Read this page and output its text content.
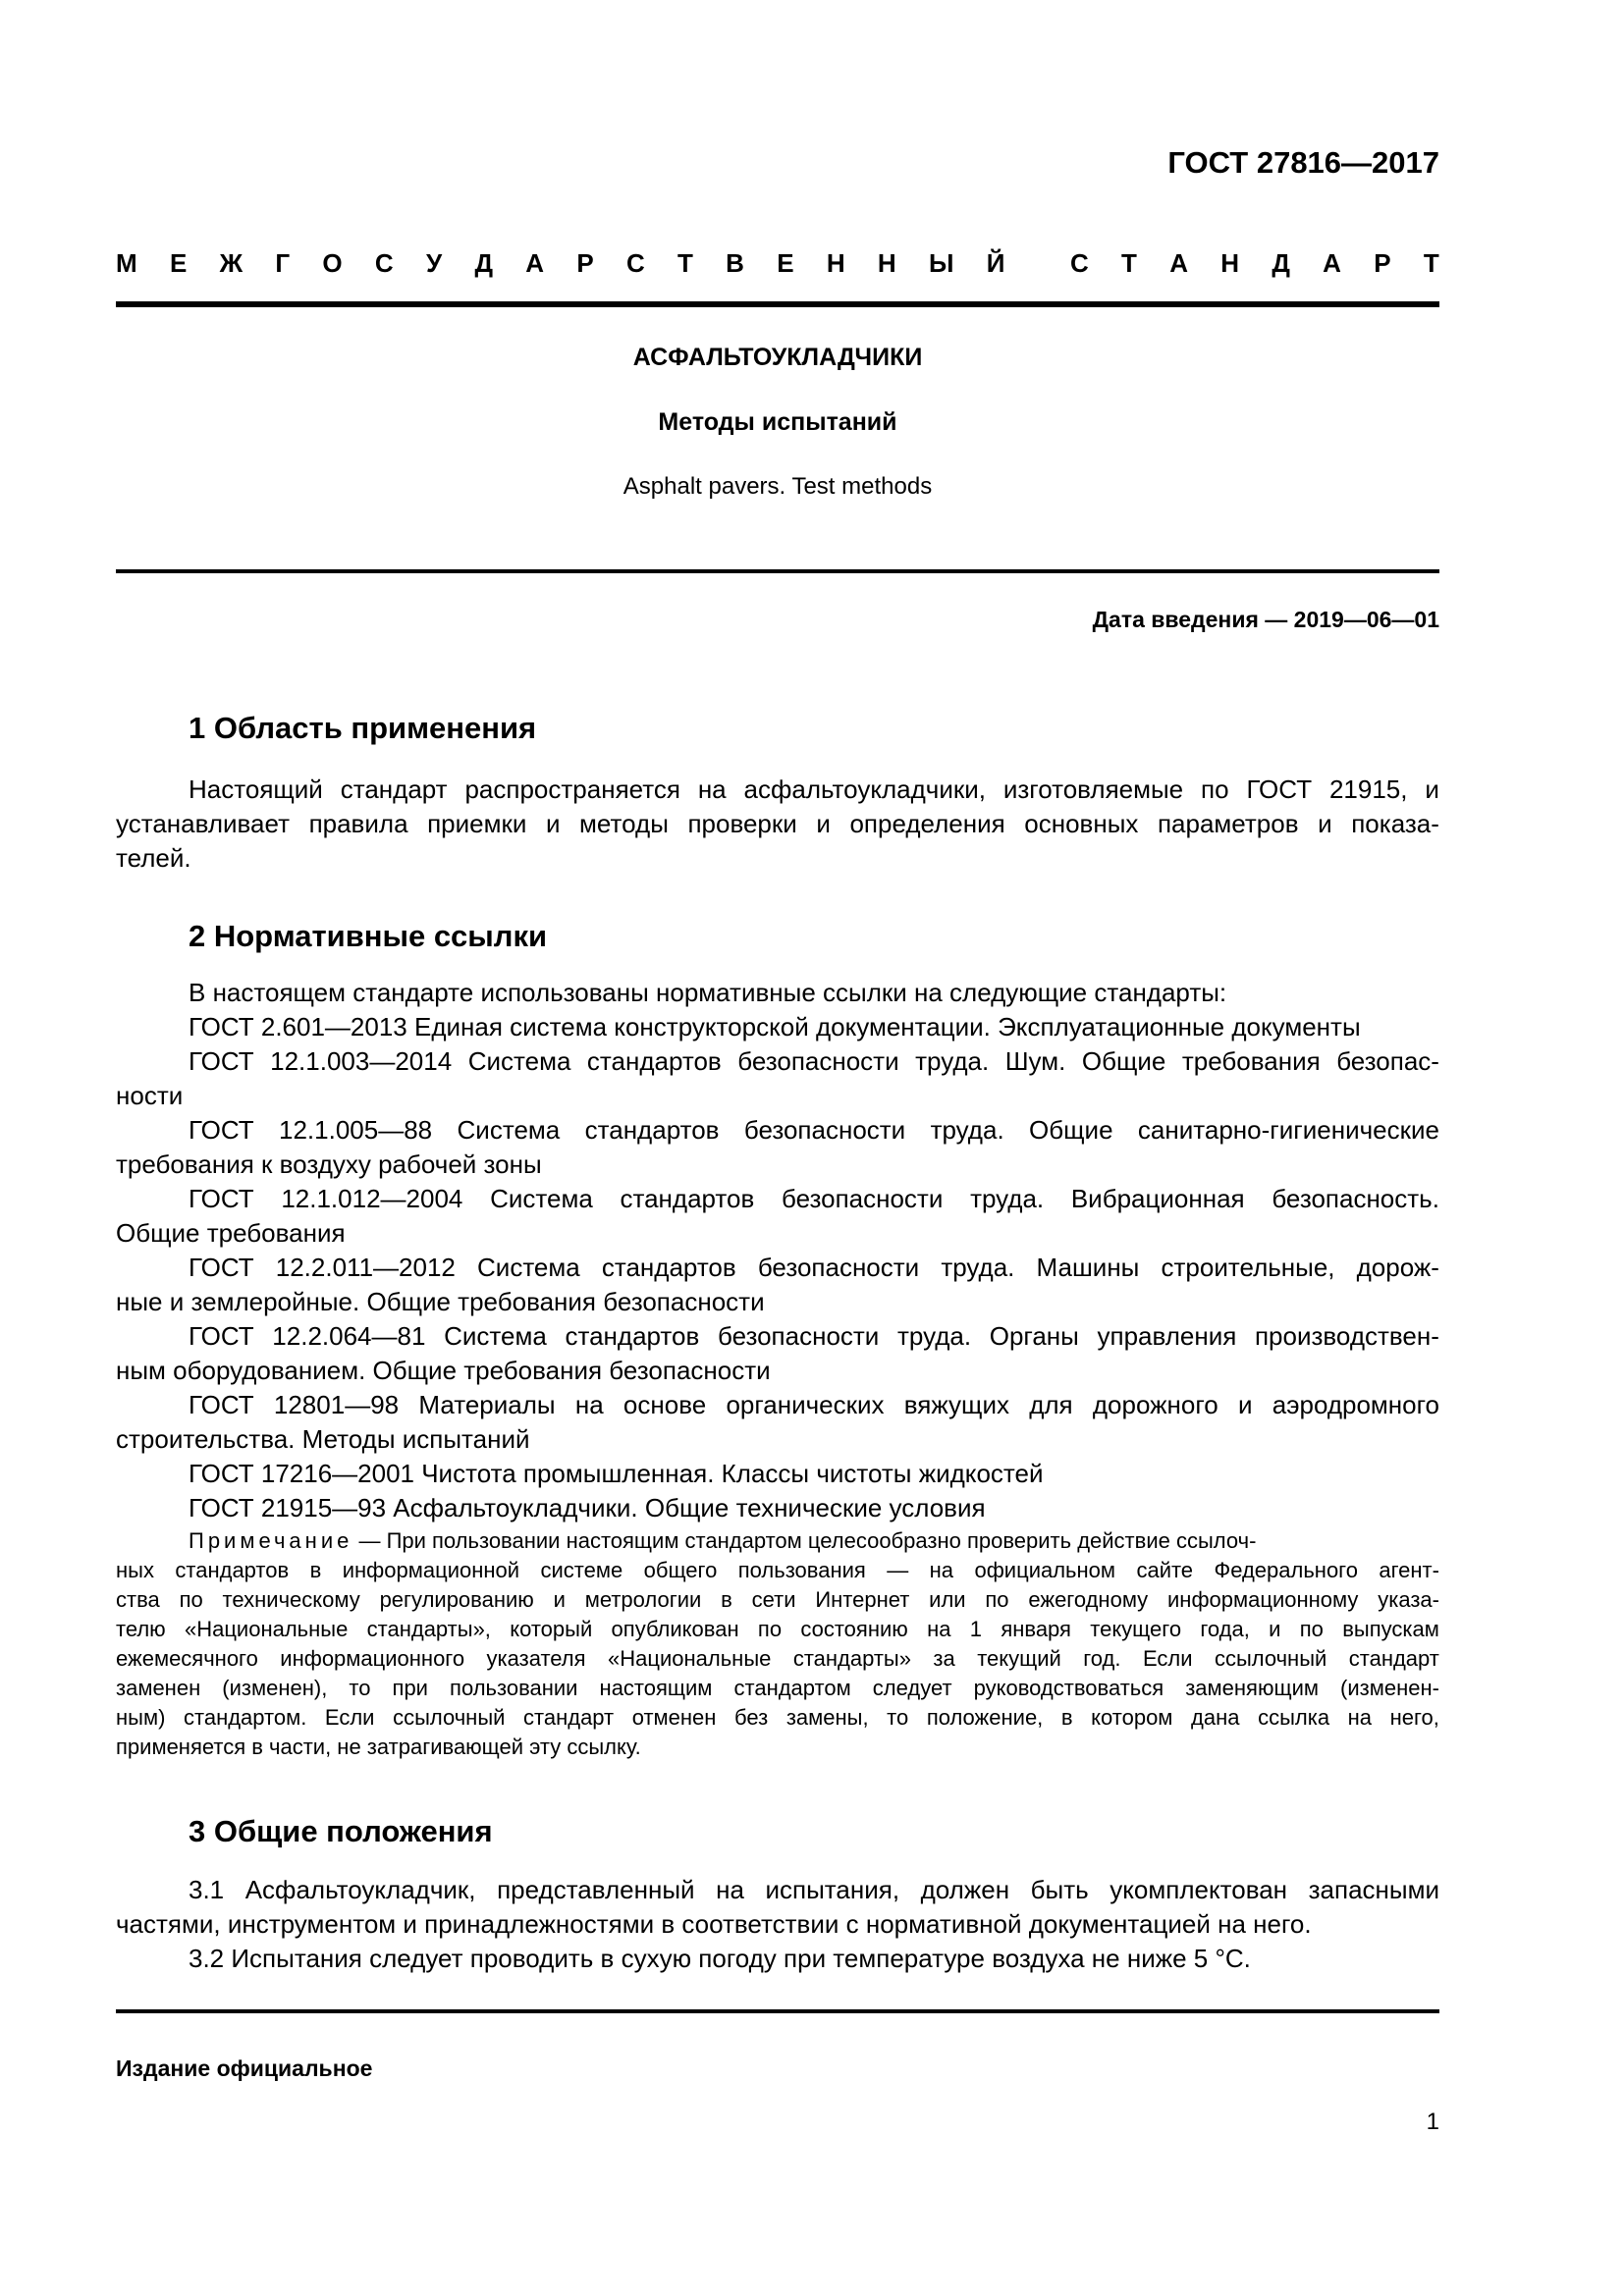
ГОСТ 27816—2017
М Е Ж Г О С У Д А Р С Т В Е Н Н Ы Й	С Т А Н Д А Р Т
АСФАЛЬТОУКЛАДЧИКИ
Методы испытаний
Asphalt pavers. Test methods
Дата введения — 2019—06—01
1 Область применения
Настоящий стандарт распространяется на асфальтоукладчики, изготовляемые по ГОСТ 21915, и
устанавливает правила приемки и методы проверки и определения основных параметров и показа-
телей.
2 Нормативные ссылки
В настоящем стандарте использованы нормативные ссылки на следующие стандарты:
ГОСТ 2.601—2013 Единая система конструкторской документации. Эксплуатационные документы
ГОСТ 12.1.003—2014 Система стандартов безопасности труда. Шум. Общие требования безопас-
ности
ГОСТ 12.1.005—88 Система стандартов безопасности труда. Общие санитарно-гигиенические
требования к воздуху рабочей зоны
ГОСТ 12.1.012—2004 Система стандартов безопасности труда. Вибрационная безопасность.
Общие требования
ГОСТ 12.2.011—2012 Система стандартов безопасности труда. Машины строительные, дорож-
ные и землеройные. Общие требования безопасности
ГОСТ 12.2.064—81 Система стандартов безопасности труда. Органы управления производствен-
ным оборудованием. Общие требования безопасности
ГОСТ 12801—98 Материалы на основе органических вяжущих для дорожного и аэродромного
строительства. Методы испытаний
ГОСТ 17216—2001 Чистота промышленная. Классы чистоты жидкостей
ГОСТ 21915—93 Асфальтоукладчики. Общие технические условия
Примечание — При пользовании настоящим стандартом целесообразно проверить действие ссылоч-
ных стандартов в информационной системе общего пользования — на официальном сайте Федерального агент-
ства по техническому регулированию и метрологии в сети Интернет или по ежегодному информационному указа-
телю «Национальные стандарты», который опубликован по состоянию на 1 января текущего года, и по выпускам
ежемесячного информационного указателя «Национальные стандарты» за текущий год. Если ссылочный стандарт
заменен (изменен), то при пользовании настоящим стандартом следует руководствоваться заменяющим (изменен-
ным) стандартом. Если ссылочный стандарт отменен без замены, то положение, в котором дана ссылка на него,
применяется в части, не затрагивающей эту ссылку.
3 Общие положения
3.1 Асфальтоукладчик, представленный на испытания, должен быть укомплектован запасными
частями, инструментом и принадлежностями в соответствии с нормативной документацией на него.
3.2 Испытания следует проводить в сухую погоду при температуре воздуха не ниже 5 °С.
Издание официальное
1
